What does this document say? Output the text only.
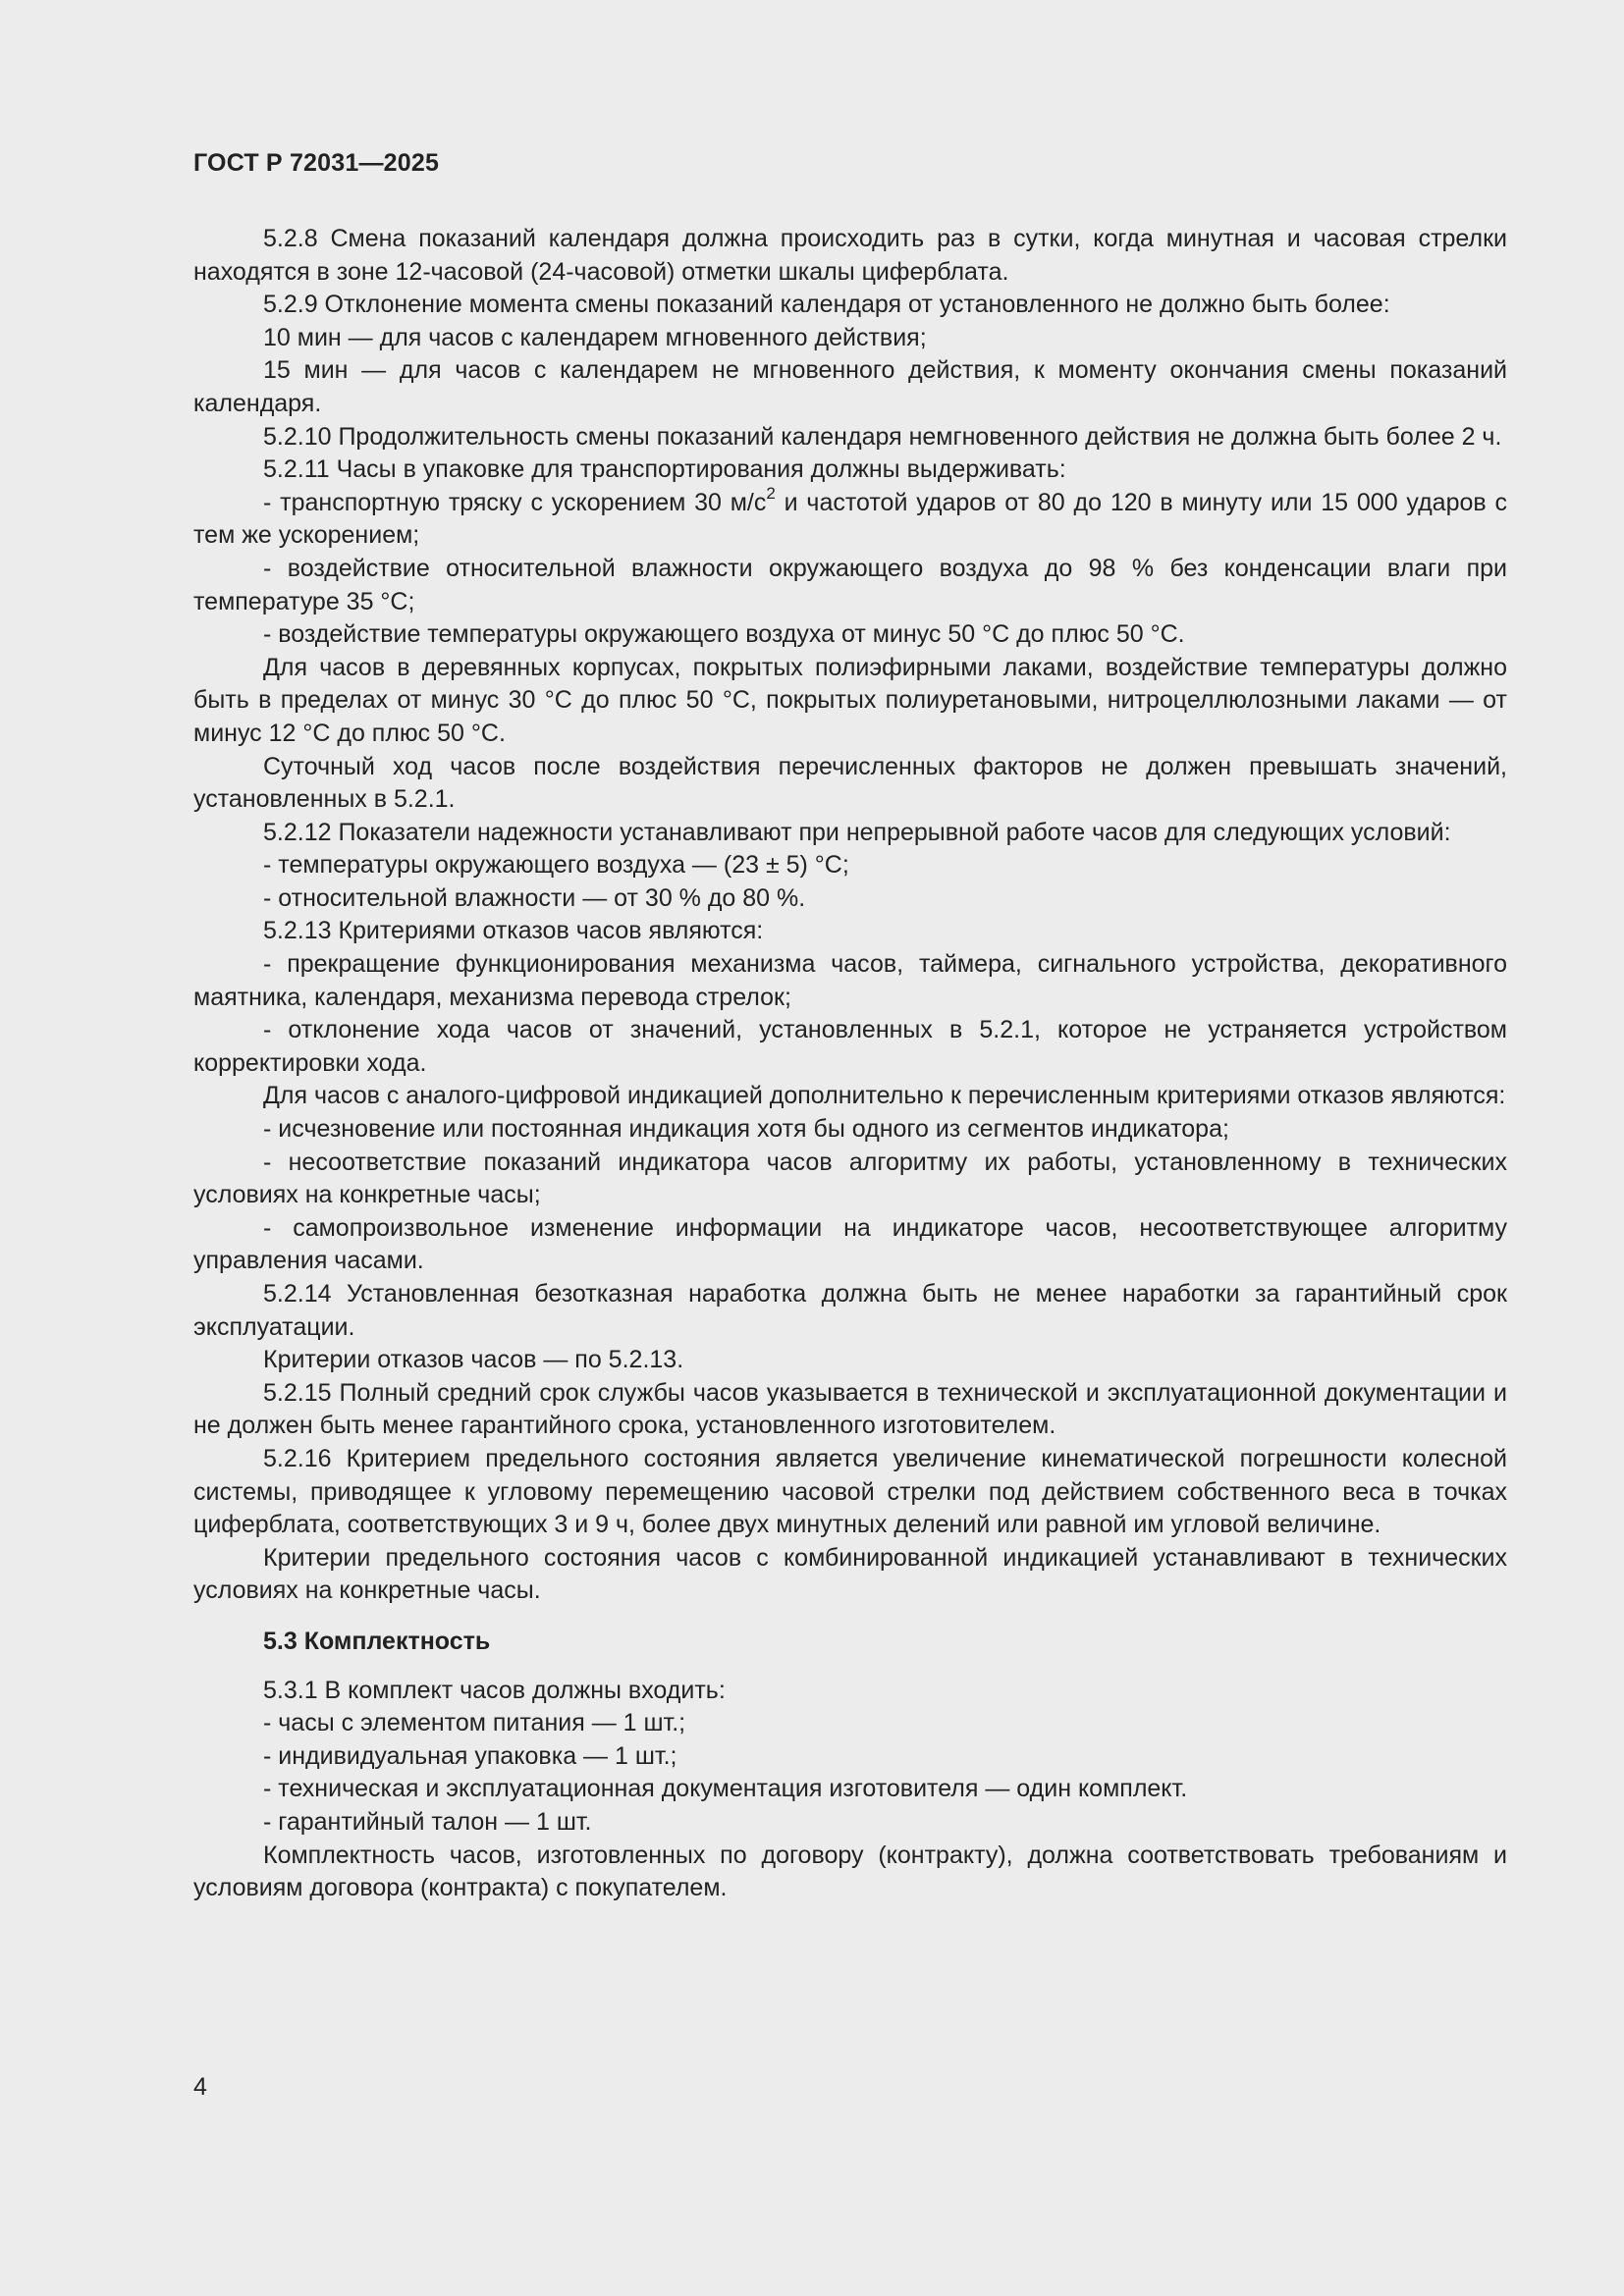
ГОСТ Р 72031—2025

5.2.8 Смена показаний календаря должна происходить раз в сутки, когда минутная и часовая стрелки находятся в зоне 12-часовой (24-часовой) отметки шкалы циферблата.

5.2.9 Отклонение момента смены показаний календаря от установленного не должно быть более:

10 мин — для часов с календарем мгновенного действия;

15 мин — для часов с календарем не мгновенного действия, к моменту окончания смены показаний календаря.

5.2.10 Продолжительность смены показаний календаря немгновенного действия не должна быть более 2 ч.

5.2.11 Часы в упаковке для транспортирования должны выдерживать:

- транспортную тряску с ускорением 30 $м/с^2$ и частотой ударов от 80 до 120 в минуту или 15 000 ударов с тем же ускорением;

- воздействие относительной влажности окружающего воздуха до 98 % без конденсации влаги при температуре 35 °С;

- воздействие температуры окружающего воздуха от минус 50 °С до плюс 50 °С.

Для часов в деревянных корпусах, покрытых полиэфирными лаками, воздействие температуры должно быть в пределах от минус 30 °С до плюс 50 °С, покрытых полиуретановыми, нитроцеллюлозными лаками — от минус 12 °С до плюс 50 °С.

Суточный ход часов после воздействия перечисленных факторов не должен превышать значений, установленных в 5.2.1.

5.2.12 Показатели надежности устанавливают при непрерывной работе часов для следующих условий:

- температуры окружающего воздуха — (23 ± 5) °С;

- относительной влажности — от 30 % до 80 %.

5.2.13 Критериями отказов часов являются:

- прекращение функционирования механизма часов, таймера, сигнального устройства, декоративного маятника, календаря, механизма перевода стрелок;

- отклонение хода часов от значений, установленных в 5.2.1, которое не устраняется устройством корректировки хода.

Для часов с аналого-цифровой индикацией дополнительно к перечисленным критериями отказов являются:

- исчезновение или постоянная индикация хотя бы одного из сегментов индикатора;

- несоответствие показаний индикатора часов алгоритму их работы, установленному в технических условиях на конкретные часы;

- самопроизвольное изменение информации на индикаторе часов, несоответствующее алгоритму управления часами.

5.2.14 Установленная безотказная наработка должна быть не менее наработки за гарантийный срок эксплуатации.

Критерии отказов часов — по 5.2.13.

5.2.15 Полный средний срок службы часов указывается в технической и эксплуатационной документации и не должен быть менее гарантийного срока, установленного изготовителем.

5.2.16 Критерием предельного состояния является увеличение кинематической погрешности колесной системы, приводящее к угловому перемещению часовой стрелки под действием собственного веса в точках циферблата, соответствующих 3 и 9 ч, более двух минутных делений или равной им угловой величине.

Критерии предельного состояния часов с комбинированной индикацией устанавливают в технических условиях на конкретные часы.

5.3 Комплектность

5.3.1 В комплект часов должны входить:

- часы с элементом питания — 1 шт.;

- индивидуальная упаковка — 1 шт.;

- техническая и эксплуатационная документация изготовителя — один комплект.

- гарантийный талон — 1 шт.

Комплектность часов, изготовленных по договору (контракту), должна соответствовать требованиям и условиям договора (контракта) с покупателем.

4
